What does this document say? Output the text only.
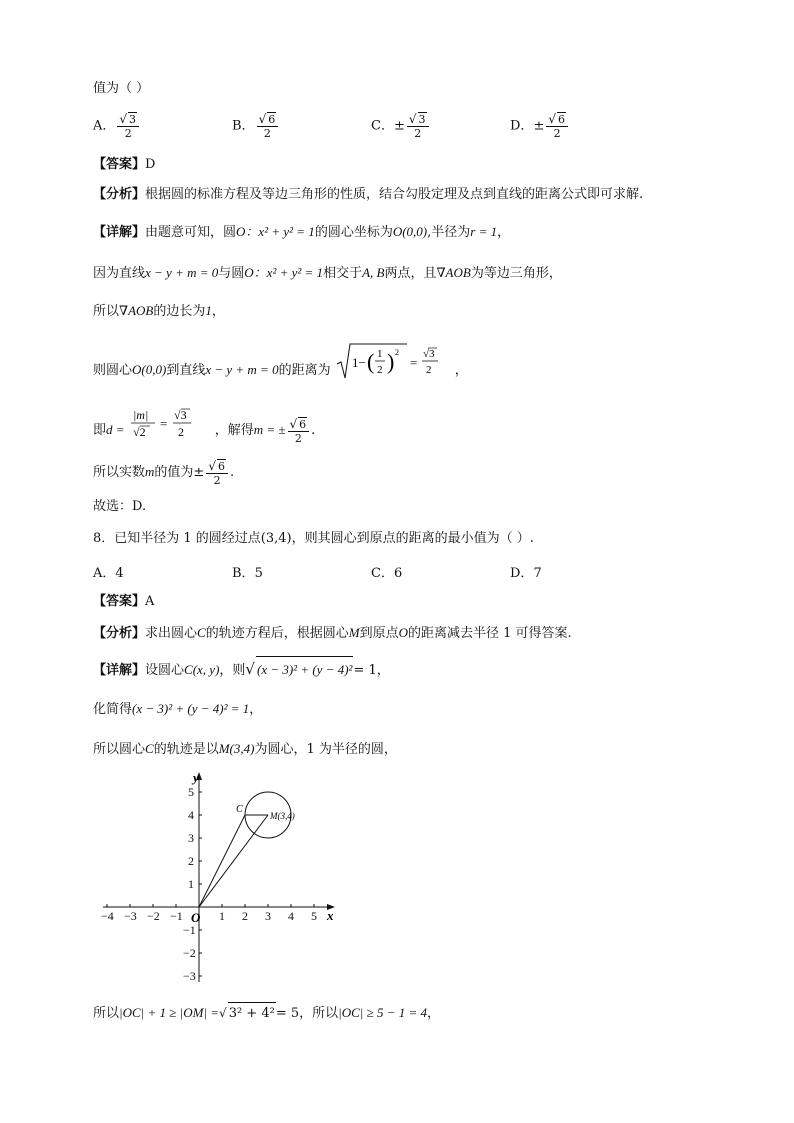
值为（ ）
A． $\frac{√ 3}{2}$	B． $\frac{√ 6}{2}$	C．± $\frac{√ 3}{2}$	D．± $\frac{√ 6}{2}$
【答案】D
【分析】根据圆的标准方程及等边三角形的性质，结合勾股定理及点到直线的距离公式即可求解.
【详解】由题意可知，圆O：x² + y² = 1的圆心坐标为O(0,0),半径为r = 1，
因为直线x − y + m = 0与圆O：x² + y² = 1相交于A, B两点，且∇AOB为等边三角形，
所以∇AOB的边长为1，
则圆心O(0,0)到直线x − y + m = 0的距离为
1− ( 1
2 ) 2
=
√3
2 ，
即d =
|m|
√2
=
√3
2 ，解得m = ± $\frac{√ 6}{2}$ .
所以实数m的值为± $\frac{√ 6}{2}$ .
故选：D.
8．已知半径为 1 的圆经过点(3,4)，则其圆心到原点的距离的最小值为（ ）.
A．4	B．5	C．6	D．7
【答案】A
【分析】求出圆心C的轨迹方程后，根据圆心M到原点O的距离减去半径 1 可得答案.
【详解】设圆心C(x, y)，则√ (x − 3)² + (y − 4)²= 1，
化简得(x − 3)² + (y − 4)² = 1，
所以圆心C的轨迹是以M(3,4)为圆心，1 为半径的圆，
−4 −3 −2 −1	1 2 3 4 5
5
4
3
2
1
−1
−2
−3
x
y
O
C
M(3,4)
所以|OC| + 1 ≥ |OM| =√ 3² + 4²= 5，所以|OC| ≥ 5 − 1 = 4，
